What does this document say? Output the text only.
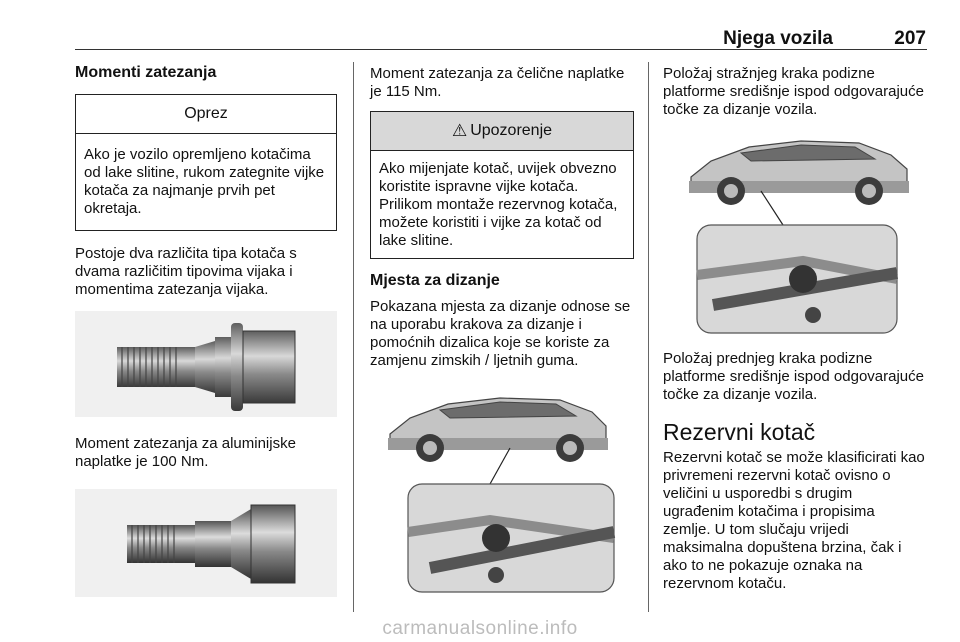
Njega vozila	207
Momenti zatezanja
Oprez

Ako je vozilo opremljeno kotačima od lake slitine, rukom zategnite vijke kotača za najmanje prvih pet okretaja.

Postoje dva različita tipa kotača s dvama različitim tipovima vijaka i momentima zatezanja vijaka.

Moment zatezanja za aluminijske naplatke je 100 Nm.

Moment zatezanja za čelične naplatke je 115 Nm.

⚠ Upozorenje

Ako mijenjate kotač, uvijek obvezno koristite ispravne vijke kotača. Prilikom montaže rezervnog kotača, možete koristiti i vijke za kotač od lake slitine.

Mjesta za dizanje

Pokazana mjesta za dizanje odnose se na uporabu krakova za dizanje i pomoćnih dizalica koje se koriste za zamjenu zimskih / ljetnih guma.

Položaj stražnjeg kraka podizne platforme središnje ispod odgovarajuće točke za dizanje vozila.

Položaj prednjeg kraka podizne platforme središnje ispod odgovarajuće točke za dizanje vozila.

Rezervni kotač

Rezervni kotač se može klasificirati kao privremeni rezervni kotač ovisno o veličini u usporedbi s drugim ugrađenim kotačima i propisima zemlje. U tom slučaju vrijedi maksimalna dopuštena brzina, čak i ako to ne pokazuje oznaka na rezervnom kotaču.

carmanualsonline.info
